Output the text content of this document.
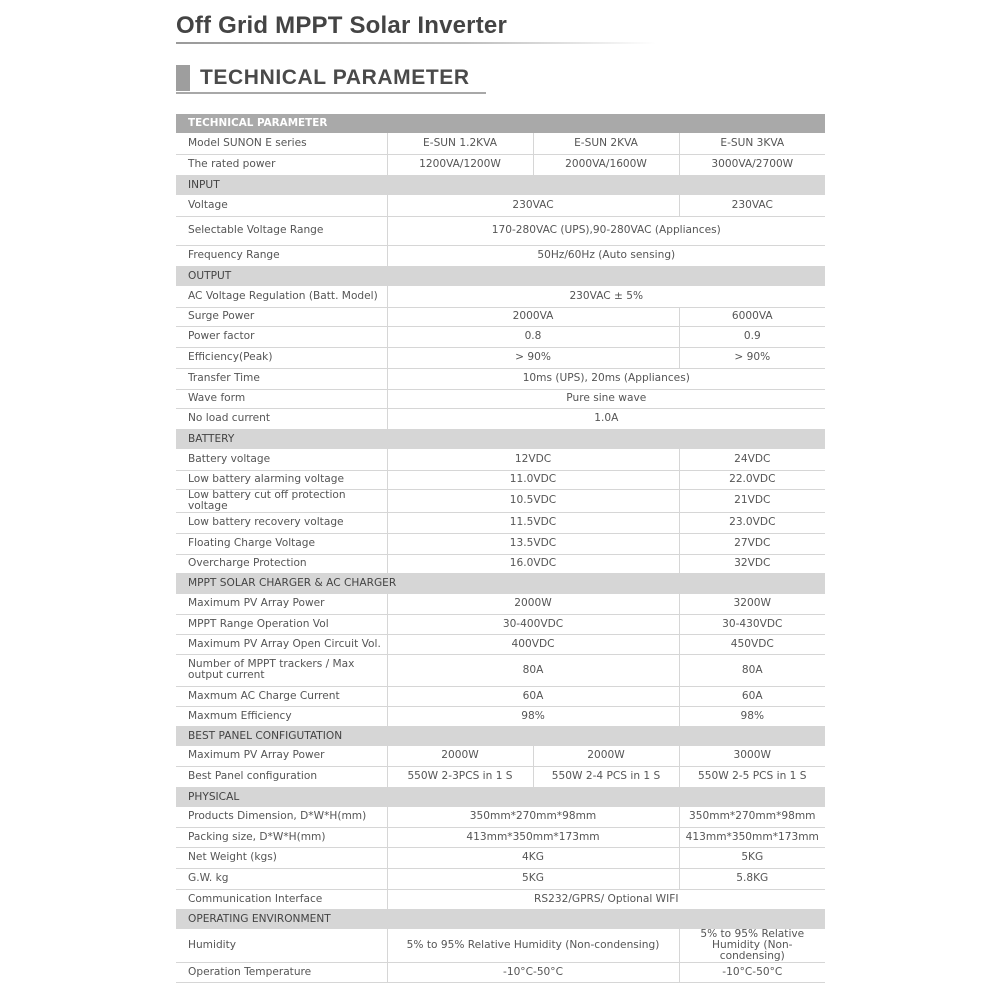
Off Grid MPPT Solar Inverter
TECHNICAL PARAMETER
TECHNICAL PARAMETER			
Model SUNON E series	E-SUN 1.2KVA	E-SUN 2KVA	E-SUN 3KVA
The rated power	1200VA/1200W	2000VA/1600W	3000VA/2700W
INPUT			
Voltage	230VAC		230VAC
Selectable Voltage Range	170-280VAC (UPS),90-280VAC (Appliances)		
Frequency Range	50Hz/60Hz (Auto sensing)		
OUTPUT			
AC Voltage Regulation (Batt. Model)	230VAC ± 5%		
Surge Power	2000VA		6000VA
Power factor	0.8		0.9
Efficiency(Peak)	> 90%		> 90%
Transfer Time	10ms (UPS), 20ms (Appliances)		
Wave form	Pure sine wave		
No load current	1.0A		
BATTERY			
Battery voltage	12VDC		24VDC
Low battery alarming voltage	11.0VDC		22.0VDC
Low battery cut off protection voltage	10.5VDC		21VDC
Low battery recovery voltage	11.5VDC		23.0VDC
Floating Charge Voltage	13.5VDC		27VDC
Overcharge Protection	16.0VDC		32VDC
MPPT SOLAR CHARGER & AC CHARGER			
Maximum PV Array Power	2000W		3200W
MPPT Range Operation Vol	30-400VDC		30-430VDC
Maximum PV Array Open Circuit Vol.	400VDC		450VDC
Number of MPPT trackers / Max output current	80A		80A
Maxmum AC Charge Current	60A		60A
Maxmum Efficiency	98%		98%
BEST PANEL CONFIGUTATION			
Maximum PV Array Power	2000W	2000W	3000W
Best Panel configuration	550W 2-3PCS in 1 S	550W 2-4 PCS in 1 S	550W 2-5 PCS in 1 S
PHYSICAL			
Products Dimension, D*W*H(mm)	350mm*270mm*98mm		350mm*270mm*98mm
Packing size, D*W*H(mm)	413mm*350mm*173mm		413mm*350mm*173mm
Net Weight (kgs)	4KG		5KG
G.W. kg	5KG		5.8KG
Communication Interface	RS232/GPRS/ Optional WIFI		
OPERATING ENVIRONMENT			
Humidity	5% to 95% Relative Humidity (Non-condensing)		5% to 95% Relative Humidity (Non-condensing)
Operation Temperature	-10°C-50°C		-10°C-50°C
